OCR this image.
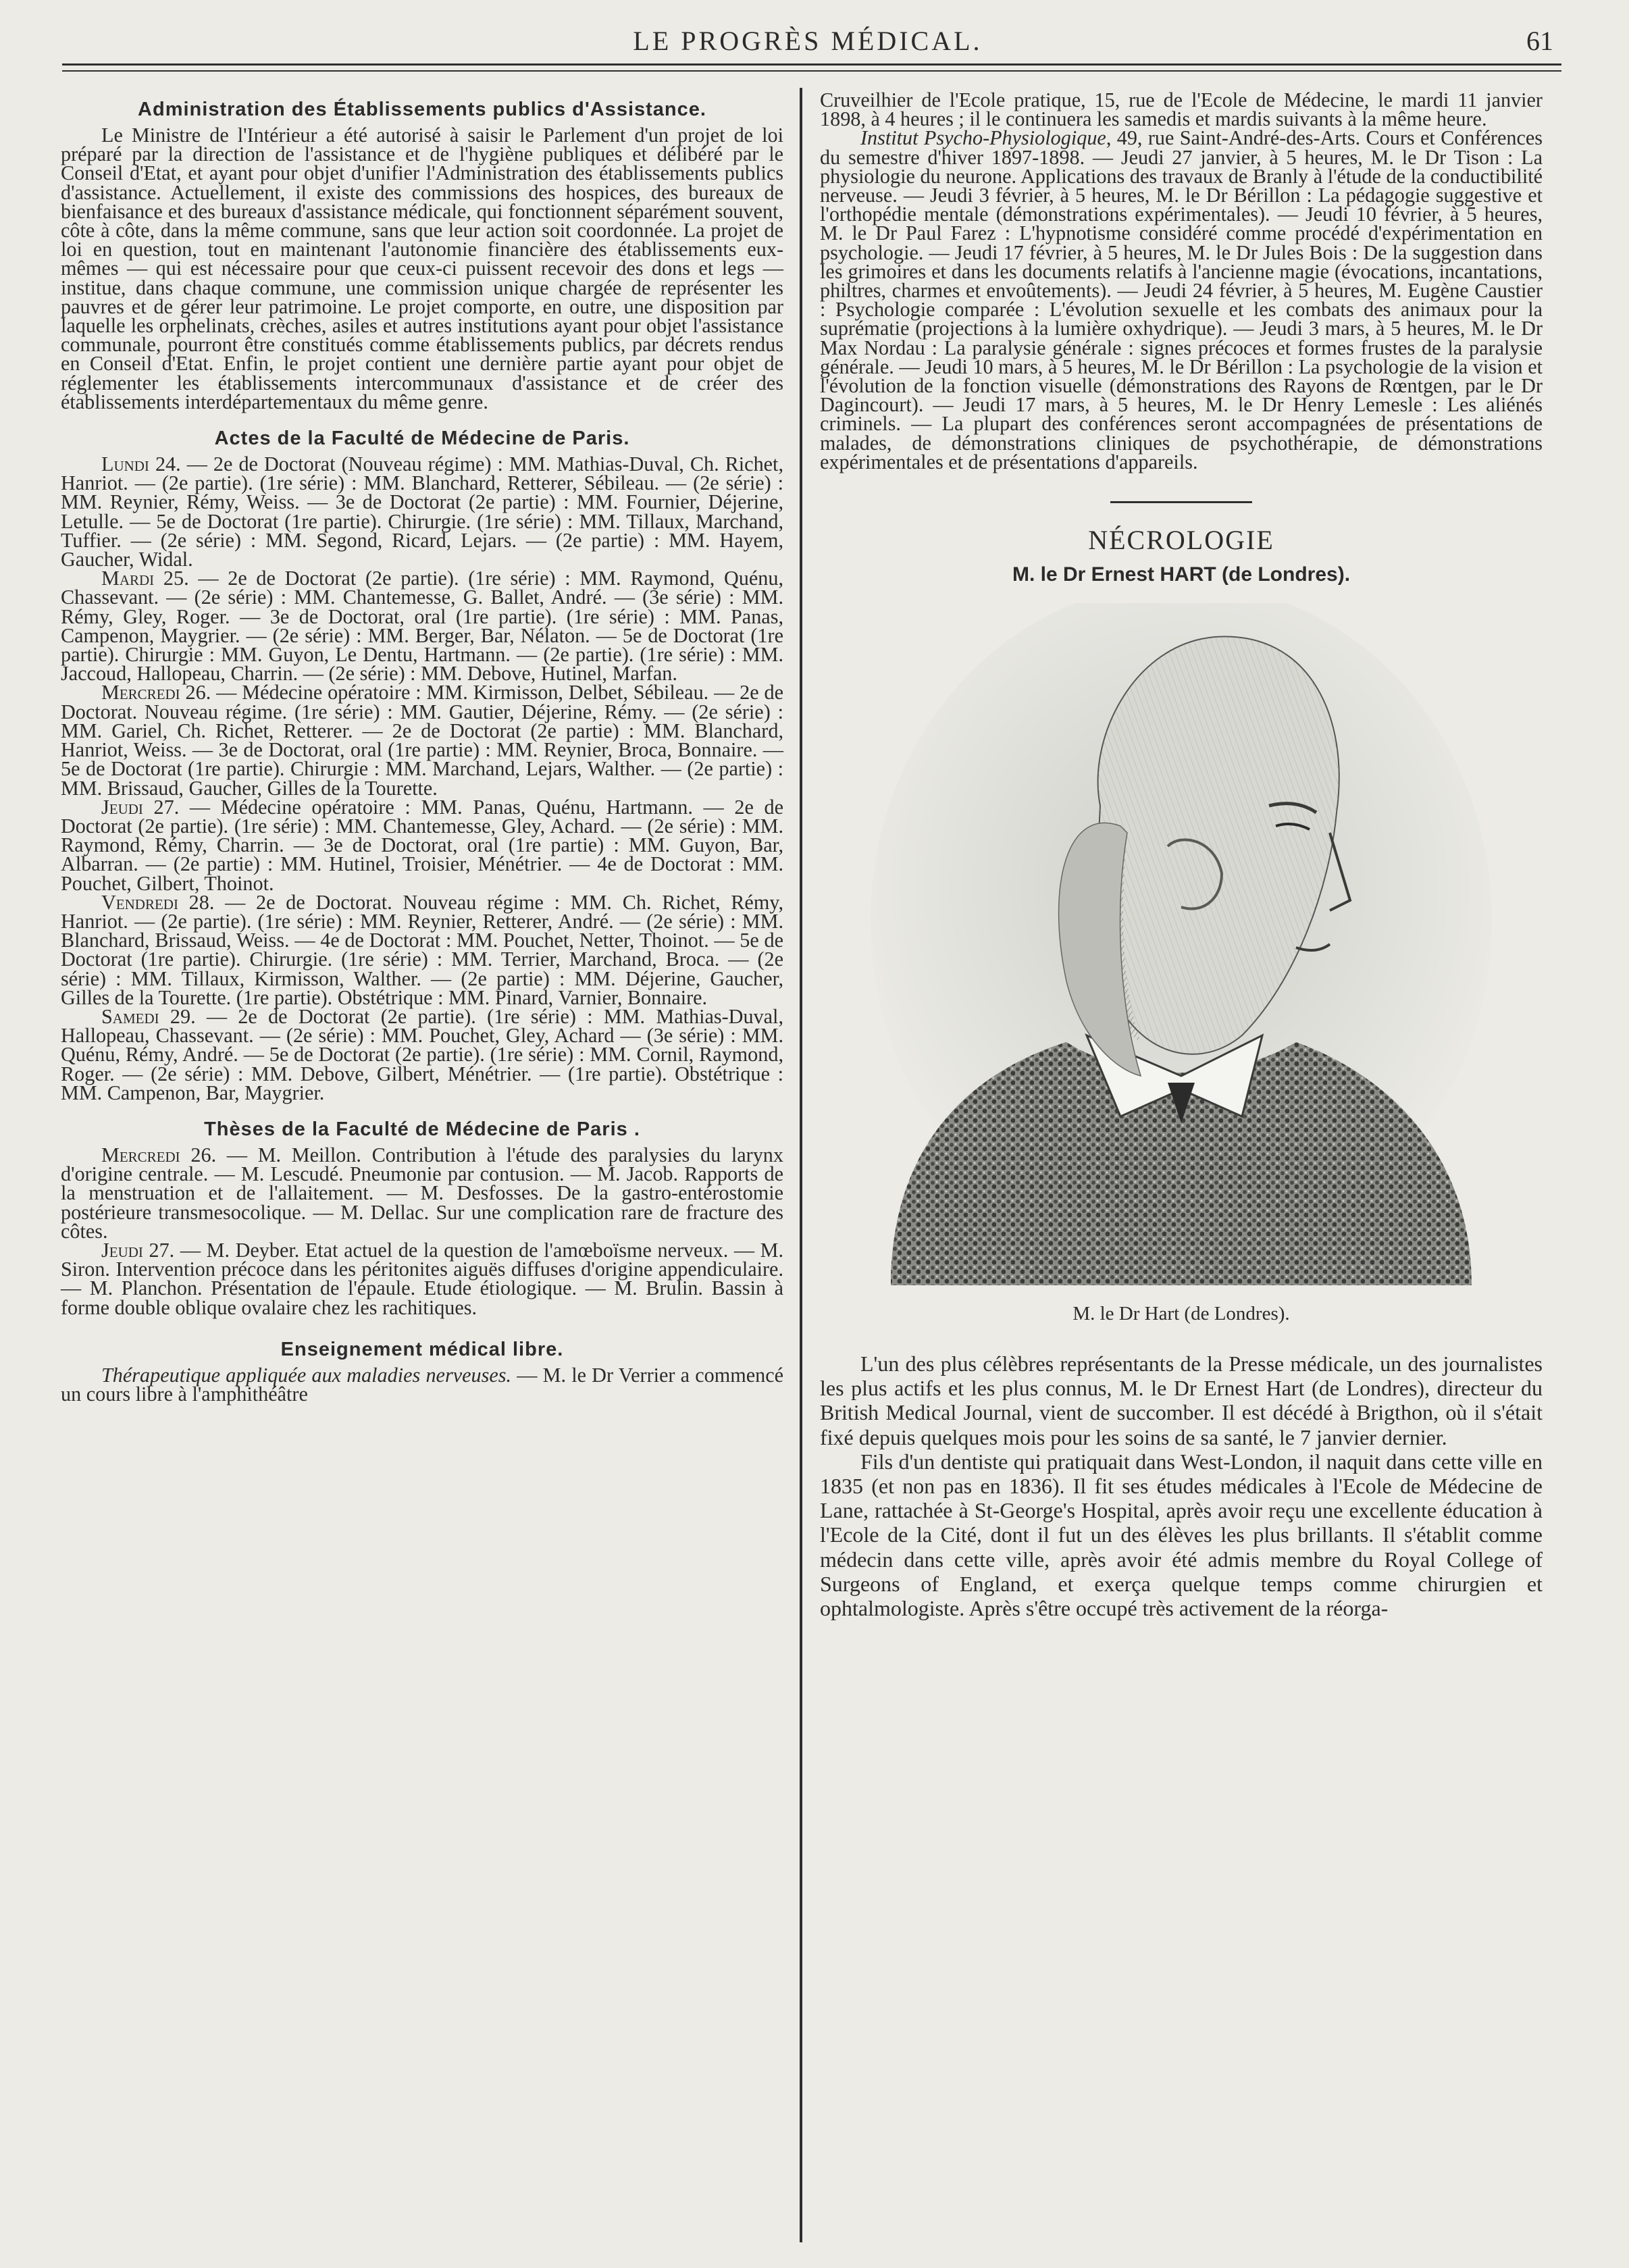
LE PROGRÈS MÉDICAL.	61
Administration des Établissements publics d'Assistance.

Le Ministre de l'Intérieur a été autorisé à saisir le Parlement d'un projet de loi préparé par la direction de l'assistance et de l'hygiène publiques et délibéré par le Conseil d'Etat, et ayant pour objet d'unifier l'Administration des établissements publics d'assistance. Actuellement, il existe des commissions des hospices, des bureaux de bienfaisance et des bureaux d'assistance médicale, qui fonctionnent séparément souvent, côte à côte, dans la même commune, sans que leur action soit coordonnée. La projet de loi en question, tout en maintenant l'autonomie financière des établissements eux-mêmes — qui est nécessaire pour que ceux-ci puissent recevoir des dons et legs — institue, dans chaque commune, une commission unique chargée de représenter les pauvres et de gérer leur patrimoine. Le projet comporte, en outre, une disposition par laquelle les orphelinats, crèches, asiles et autres institutions ayant pour objet l'assistance communale, pourront être constitués comme établissements publics, par décrets rendus en Conseil d'Etat. Enfin, le projet contient une dernière partie ayant pour objet de réglementer les établissements intercommunaux d'assistance et de créer des établissements interdépartementaux du même genre.

Actes de la Faculté de Médecine de Paris.

Lundi 24. — 2e de Doctorat (Nouveau régime) : MM. Mathias-Duval, Ch. Richet, Hanriot. — (2e partie). (1re série) : MM. Blanchard, Retterer, Sébileau. — (2e série) : MM. Reynier, Rémy, Weiss. — 3e de Doctorat (2e partie) : MM. Fournier, Déjerine, Letulle. — 5e de Doctorat (1re partie). Chirurgie. (1re série) : MM. Tillaux, Marchand, Tuffier. — (2e série) : MM. Segond, Ricard, Lejars. — (2e partie) : MM. Hayem, Gaucher, Widal.

Mardi 25. — 2e de Doctorat (2e partie). (1re série) : MM. Raymond, Quénu, Chassevant. — (2e série) : MM. Chantemesse, G. Ballet, André. — (3e série) : MM. Rémy, Gley, Roger. — 3e de Doctorat, oral (1re partie). (1re série) : MM. Panas, Campenon, Maygrier. — (2e série) : MM. Berger, Bar, Nélaton. — 5e de Doctorat (1re partie). Chirurgie : MM. Guyon, Le Dentu, Hartmann. — (2e partie). (1re série) : MM. Jaccoud, Hallopeau, Charrin. — (2e série) : MM. Debove, Hutinel, Marfan.

Mercredi 26. — Médecine opératoire : MM. Kirmisson, Delbet, Sébileau. — 2e de Doctorat. Nouveau régime. (1re série) : MM. Gautier, Déjerine, Rémy. — (2e série) : MM. Gariel, Ch. Richet, Retterer. — 2e de Doctorat (2e partie) : MM. Blanchard, Hanriot, Weiss. — 3e de Doctorat, oral (1re partie) : MM. Reynier, Broca, Bonnaire. — 5e de Doctorat (1re partie). Chirurgie : MM. Marchand, Lejars, Walther. — (2e partie) : MM. Brissaud, Gaucher, Gilles de la Tourette.

Jeudi 27. — Médecine opératoire : MM. Panas, Quénu, Hartmann. — 2e de Doctorat (2e partie). (1re série) : MM. Chantemesse, Gley, Achard. — (2e série) : MM. Raymond, Rémy, Charrin. — 3e de Doctorat, oral (1re partie) : MM. Guyon, Bar, Albarran. — (2e partie) : MM. Hutinel, Troisier, Ménétrier. — 4e de Doctorat : MM. Pouchet, Gilbert, Thoinot.

Vendredi 28. — 2e de Doctorat. Nouveau régime : MM. Ch. Richet, Rémy, Hanriot. — (2e partie). (1re série) : MM. Reynier, Retterer, André. — (2e série) : MM. Blanchard, Brissaud, Weiss. — 4e de Doctorat : MM. Pouchet, Netter, Thoinot. — 5e de Doctorat (1re partie). Chirurgie. (1re série) : MM. Terrier, Marchand, Broca. — (2e série) : MM. Tillaux, Kirmisson, Walther. — (2e partie) : MM. Déjerine, Gaucher, Gilles de la Tourette. (1re partie). Obstétrique : MM. Pinard, Varnier, Bonnaire.

Samedi 29. — 2e de Doctorat (2e partie). (1re série) : MM. Mathias-Duval, Hallopeau, Chassevant. — (2e série) : MM. Pouchet, Gley, Achard — (3e série) : MM. Quénu, Rémy, André. — 5e de Doctorat (2e partie). (1re série) : MM. Cornil, Raymond, Roger. — (2e série) : MM. Debove, Gilbert, Ménétrier. — (1re partie). Obstétrique : MM. Campenon, Bar, Maygrier.

Thèses de la Faculté de Médecine de Paris .

Mercredi 26. — M. Meillon. Contribution à l'étude des paralysies du larynx d'origine centrale. — M. Lescudé. Pneumonie par contusion. — M. Jacob. Rapports de la menstruation et de l'allaitement. — M. Desfosses. De la gastro-entérostomie postérieure transmesocolique. — M. Dellac. Sur une complication rare de fracture des côtes.

Jeudi 27. — M. Deyber. Etat actuel de la question de l'amœboïsme nerveux. — M. Siron. Intervention précoce dans les péritonites aiguës diffuses d'origine appendiculaire. — M. Planchon. Présentation de l'épaule. Etude étiologique. — M. Brulin. Bassin à forme double oblique ovalaire chez les rachitiques.

Enseignement médical libre.

Thérapeutique appliquée aux maladies nerveuses. — M. le Dr Verrier a commencé un cours libre à l'amphithéâtre

Cruveilhier de l'Ecole pratique, 15, rue de l'Ecole de Médecine, le mardi 11 janvier 1898, à 4 heures ; il le continuera les samedis et mardis suivants à la même heure.

Institut Psycho-Physiologique, 49, rue Saint-André-des-Arts. Cours et Conférences du semestre d'hiver 1897-1898. — Jeudi 27 janvier, à 5 heures, M. le Dr Tison : La physiologie du neurone. Applications des travaux de Branly à l'étude de la conductibilité nerveuse. — Jeudi 3 février, à 5 heures, M. le Dr Bérillon : La pédagogie suggestive et l'orthopédie mentale (démonstrations expérimentales). — Jeudi 10 février, à 5 heures, M. le Dr Paul Farez : L'hypnotisme considéré comme procédé d'expérimentation en psychologie. — Jeudi 17 février, à 5 heures, M. le Dr Jules Bois : De la suggestion dans les grimoires et dans les documents relatifs à l'ancienne magie (évocations, incantations, philtres, charmes et envoûtements). — Jeudi 24 février, à 5 heures, M. Eugène Caustier : Psychologie comparée : L'évolution sexuelle et les combats des animaux pour la suprématie (projections à la lumière oxhydrique). — Jeudi 3 mars, à 5 heures, M. le Dr Max Nordau : La paralysie générale : signes précoces et formes frustes de la paralysie générale. — Jeudi 10 mars, à 5 heures, M. le Dr Bérillon : La psychologie de la vision et l'évolution de la fonction visuelle (démonstrations des Rayons de Rœntgen, par le Dr Dagincourt). — Jeudi 17 mars, à 5 heures, M. le Dr Henry Lemesle : Les aliénés criminels. — La plupart des conférences seront accompagnées de présentations de malades, de démonstrations cliniques de psychothérapie, de démonstrations expérimentales et de présentations d'appareils.

NÉCROLOGIE
M. le Dr Ernest HART (de Londres).
M. le Dr Hart (de Londres).

L'un des plus célèbres représentants de la Presse médicale, un des journalistes les plus actifs et les plus connus, M. le Dr Ernest Hart (de Londres), directeur du British Medical Journal, vient de succomber. Il est décédé à Brigthon, où il s'était fixé depuis quelques mois pour les soins de sa santé, le 7 janvier dernier.

Fils d'un dentiste qui pratiquait dans West-London, il naquit dans cette ville en 1835 (et non pas en 1836). Il fit ses études médicales à l'Ecole de Médecine de Lane, rattachée à St-George's Hospital, après avoir reçu une excellente éducation à l'Ecole de la Cité, dont il fut un des élèves les plus brillants. Il s'établit comme médecin dans cette ville, après avoir été admis membre du Royal College of Surgeons of England, et exerça quelque temps comme chirurgien et ophtalmologiste. Après s'être occupé très activement de la réorga-
